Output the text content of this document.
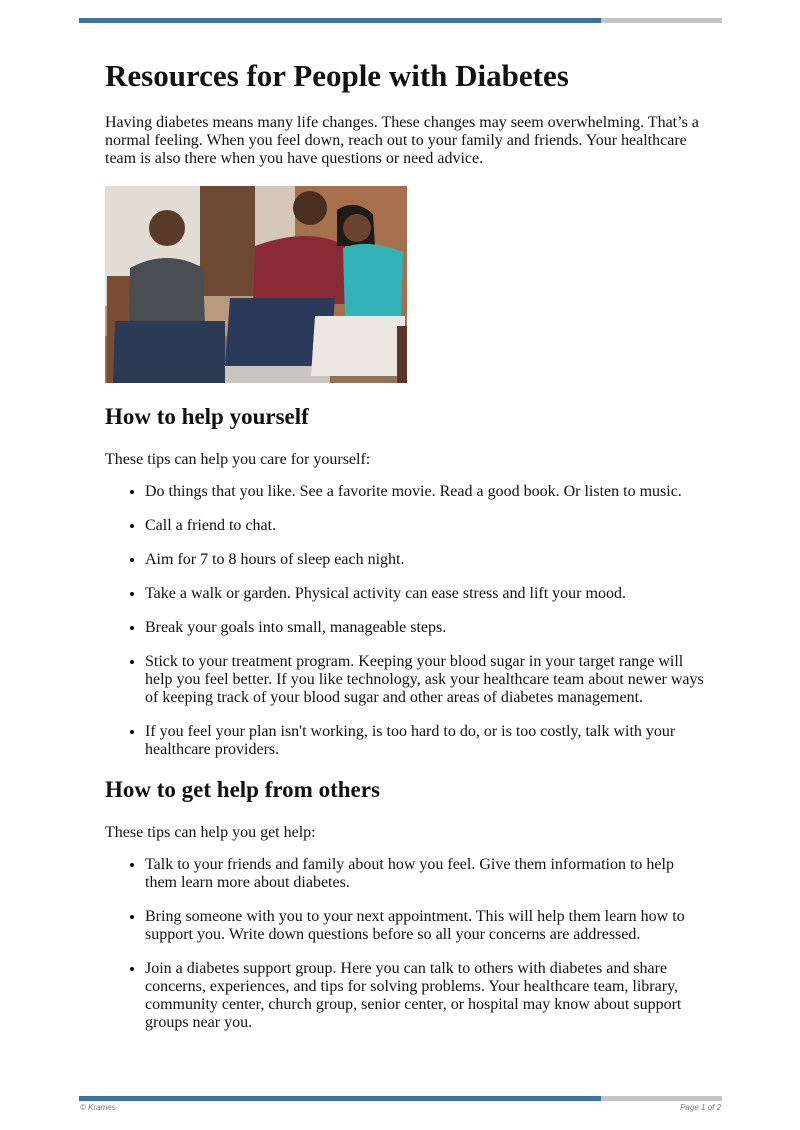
Resources for People with Diabetes

Having diabetes means many life changes. These changes may seem overwhelming. That’s a normal feeling. When you feel down, reach out to your family and friends. Your healthcare team is also there when you have questions or need advice.

How to help yourself

These tips can help you care for yourself:

• Do things that you like. See a favorite movie. Read a good book. Or listen to music.
• Call a friend to chat.
• Aim for 7 to 8 hours of sleep each night.
• Take a walk or garden. Physical activity can ease stress and lift your mood.
• Break your goals into small, manageable steps.
• Stick to your treatment program. Keeping your blood sugar in your target range will help you feel better. If you like technology, ask your healthcare team about newer ways of keeping track of your blood sugar and other areas of diabetes management.
• If you feel your plan isn't working, is too hard to do, or is too costly, talk with your healthcare providers.
How to get help from others

These tips can help you get help:

• Talk to your friends and family about how you feel. Give them information to help them learn more about diabetes.
• Bring someone with you to your next appointment. This will help them learn how to support you. Write down questions before so all your concerns are addressed.
• Join a diabetes support group. Here you can talk to others with diabetes and share concerns, experiences, and tips for solving problems. Your healthcare team, library, community center, church group, senior center, or hospital may know about support groups near you.
© Krames	Page 1 of 2
